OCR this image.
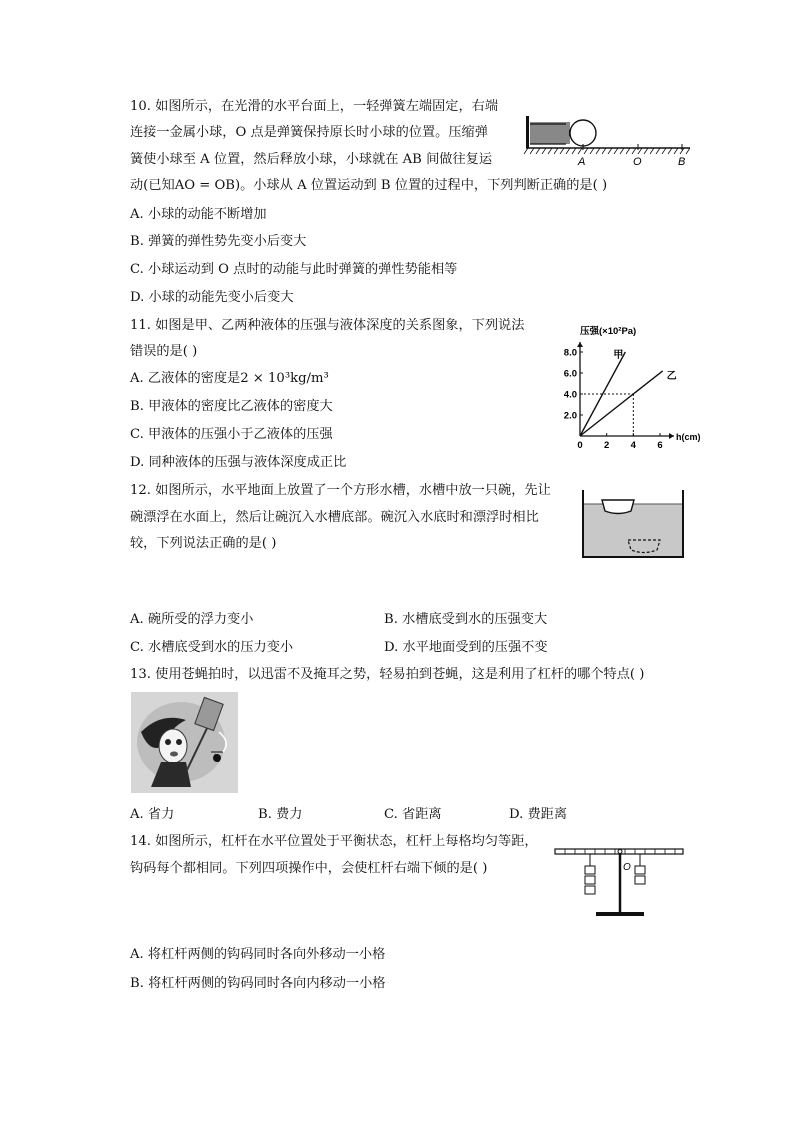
10. 如图所示，在光滑的水平台面上，一轻弹簧左端固定，右端
连接一金属小球，O 点是弹簧保持原长时小球的位置。压缩弹
簧使小球至 A 位置，然后释放小球，小球就在 AB 间做往复运
动(已知AO = OB)。小球从 A 位置运动到 B 位置的过程中，下列判断正确的是( )
A. 小球的动能不断增加
B. 弹簧的弹性势先变小后变大
C. 小球运动到 O 点时的动能与此时弹簧的弹性势能相等
D. 小球的动能先变小后变大
A	O	B
11. 如图是甲、乙两种液体的压强与液体深度的关系图象，下列说法
错误的是( )
A. 乙液体的密度是2 × 10³kg/m³
B. 甲液体的密度比乙液体的密度大
C. 甲液体的压强小于乙液体的压强
D. 同种液体的压强与液体深度成正比
压强(×10²Pa)
h(cm)
2.0
4.0
6.0
8.0
0 2 4 6
甲
乙
12. 如图所示，水平地面上放置了一个方形水槽，水槽中放一只碗，先让
碗漂浮在水面上，然后让碗沉入水槽底部。碗沉入水底时和漂浮时相比
较，下列说法正确的是( )
A. 碗所受的浮力变小	B. 水槽底受到水的压强变大
C. 水槽底受到水的压力变小	D. 水平地面受到的压强不变
13. 使用苍蝇拍时，以迅雷不及掩耳之势，轻易拍到苍蝇，这是利用了杠杆的哪个特点( )
A. 省力	B. 费力	C. 省距离	D. 费距离
14. 如图所示，杠杆在水平位置处于平衡状态，杠杆上每格均匀等距，
钩码每个都相同。下列四项操作中，会使杠杆右端下倾的是( )	O
A. 将杠杆两侧的钩码同时各向外移动一小格
B. 将杠杆两侧的钩码同时各向内移动一小格
